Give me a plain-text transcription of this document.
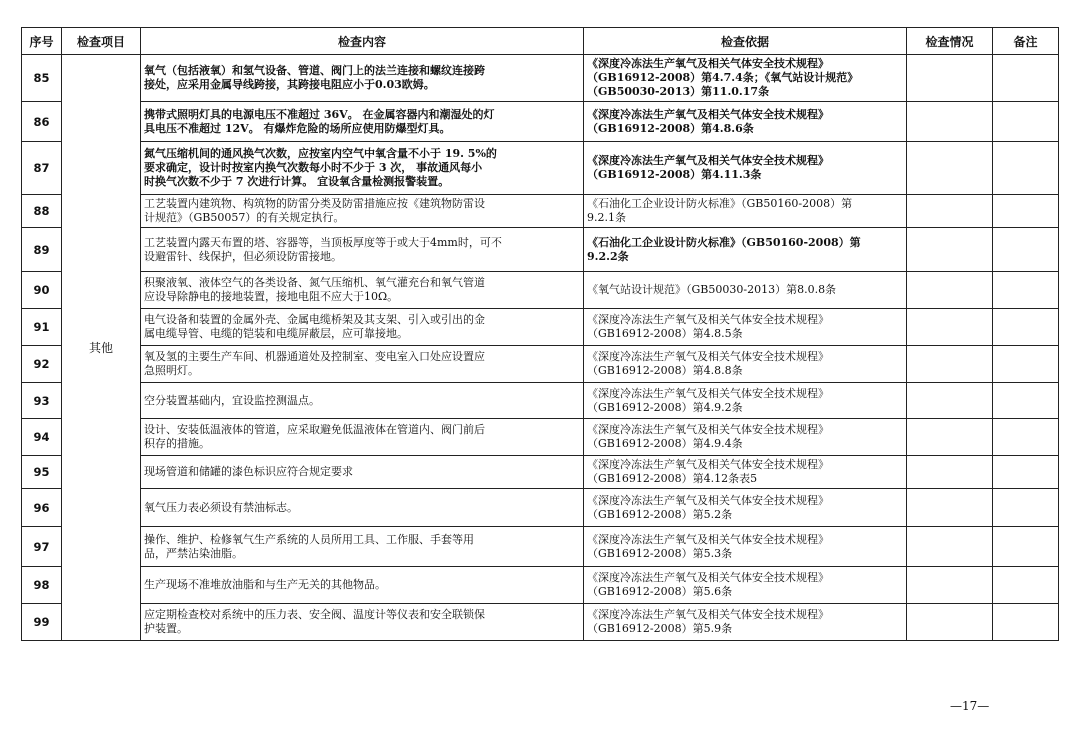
序号	检查项目	检查内容	检查依据	检查情况	备注
85	其他	氧气（包括液氧）和氢气设备、管道、阀门上的法兰连接和螺纹连接跨
接处，应采用金属导线跨接，其跨接电阻应小于0.03欧姆。	《深度冷冻法生产氧气及相关气体安全技术规程》
（GB16912-2008）第4.7.4条；《氧气站设计规范》
（GB50030-2013）第11.0.17条		
86		携带式照明灯具的电源电压不准超过 36V。 在金属容器内和潮湿处的灯
具电压不准超过 12V。 有爆炸危险的场所应使用防爆型灯具。	《深度冷冻法生产氧气及相关气体安全技术规程》
（GB16912-2008）第4.8.6条		
87		氮气压缩机间的通风换气次数，应按室内空气中氧含量不小于 19. 5%的
要求确定，设计时按室内换气次数每小时不少于 3 次， 事故通风每小
时换气次数不少于 7 次进行计算。 宜设氧含量检测报警装置。	《深度冷冻法生产氧气及相关气体安全技术规程》
（GB16912-2008）第4.11.3条		
88		工艺装置内建筑物、构筑物的防雷分类及防雷措施应按《建筑物防雷设
计规范》（GB50057）的有关规定执行。	《石油化工企业设计防火标准》（GB50160-2008）第
9.2.1条		
89		工艺装置内露天布置的塔、容器等，当顶板厚度等于或大于4mm时，可不
设避雷针、线保护，但必须设防雷接地。	《石油化工企业设计防火标准》（GB50160-2008）第
9.2.2条		
90		积聚液氧、液体空气的各类设备、氮气压缩机、氧气灌充台和氧气管道
应设导除静电的接地装置，接地电阻不应大于10Ω。	《氧气站设计规范》（GB50030-2013）第8.0.8条		
91		电气设备和装置的金属外壳、金属电缆桥架及其支架、引入或引出的金
属电缆导管、电缆的铠装和电缆屏蔽层，应可靠接地。	《深度冷冻法生产氧气及相关气体安全技术规程》
（GB16912-2008）第4.8.5条		
92		氧及氢的主要生产车间、机器通道处及控制室、变电室入口处应设置应
急照明灯。	《深度冷冻法生产氧气及相关气体安全技术规程》
（GB16912-2008）第4.8.8条		
93		空分装置基础内，宜设监控测温点。	《深度冷冻法生产氧气及相关气体安全技术规程》
（GB16912-2008）第4.9.2条		
94		设计、安装低温液体的管道，应采取避免低温液体在管道内、阀门前后
积存的措施。	《深度冷冻法生产氧气及相关气体安全技术规程》
（GB16912-2008）第4.9.4条		
95		现场管道和储罐的漆色标识应符合规定要求	《深度冷冻法生产氧气及相关气体安全技术规程》
（GB16912-2008）第4.12条表5		
96		氧气压力表必须设有禁油标志。	《深度冷冻法生产氧气及相关气体安全技术规程》
（GB16912-2008）第5.2条		
97		操作、维护、检修氧气生产系统的人员所用工具、工作服、手套等用
品，严禁沾染油脂。	《深度冷冻法生产氧气及相关气体安全技术规程》
（GB16912-2008）第5.3条		
98		生产现场不准堆放油脂和与生产无关的其他物品。	《深度冷冻法生产氧气及相关气体安全技术规程》
（GB16912-2008）第5.6条		
99		应定期检查校对系统中的压力表、安全阀、温度计等仪表和安全联锁保
护装置。	《深度冷冻法生产氧气及相关气体安全技术规程》
（GB16912-2008）第5.9条		
—17—
